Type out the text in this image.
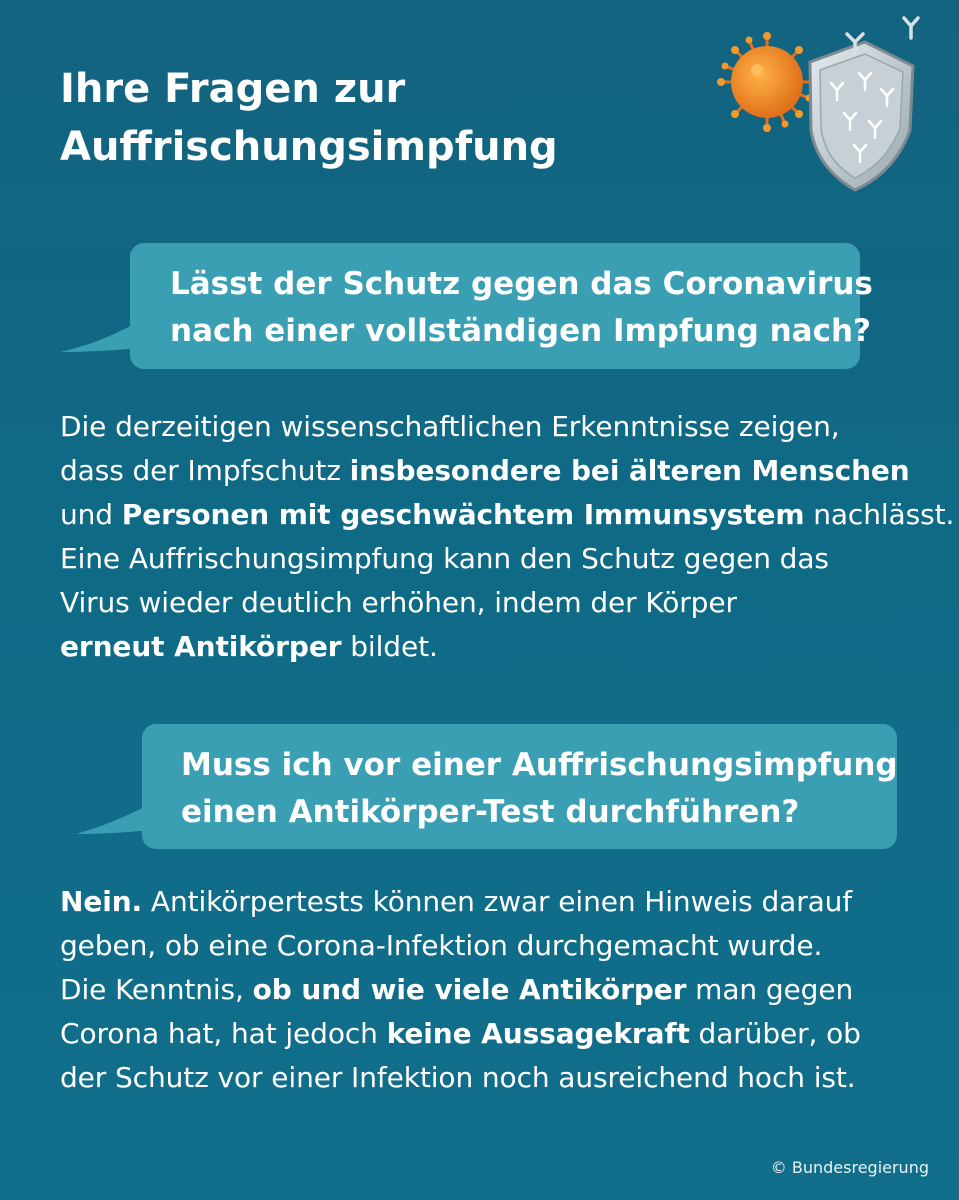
Ihre Fragen zur
Auffrischungsimpfung
Lässt der Schutz gegen das Coronavirus
nach einer vollständigen Impfung nach?

Die derzeitigen wissenschaftlichen Erkenntnisse zeigen,
dass der Impfschutz insbesondere bei älteren Menschen
und Personen mit geschwächtem Immunsystem nachlässt.
Eine Auffrischungsimpfung kann den Schutz gegen das
Virus wieder deutlich erhöhen, indem der Körper
erneut Antikörper bildet.

Muss ich vor einer Auffrischungsimpfung
einen Antikörper-Test durchführen?

Nein. Antikörpertests können zwar einen Hinweis darauf
geben, ob eine Corona-Infektion durchgemacht wurde.
Die Kenntnis, ob und wie viele Antikörper man gegen
Corona hat, hat jedoch keine Aussagekraft darüber, ob
der Schutz vor einer Infektion noch ausreichend hoch ist.

© Bundesregierung
